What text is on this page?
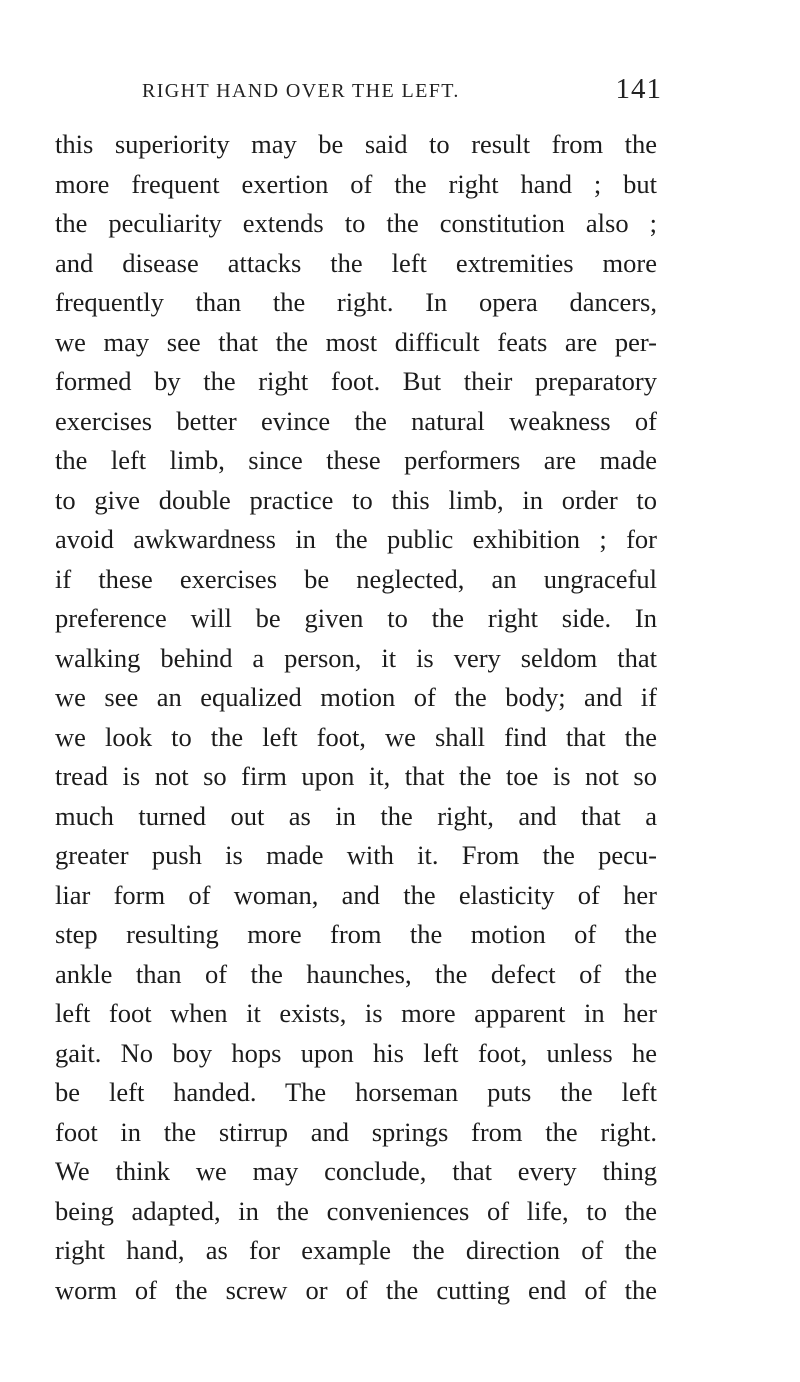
RIGHT HAND OVER THE LEFT.	141
this superiority may be said to result from the
more frequent exertion of the right hand ; but
the peculiarity extends to the constitution also ;
and disease attacks the left extremities more
frequently than the right. In opera dancers,
we may see that the most difficult feats are per-
formed by the right foot. But their preparatory
exercises better evince the natural weakness of
the left limb, since these performers are made
to give double practice to this limb, in order to
avoid awkwardness in the public exhibition ; for
if these exercises be neglected, an ungraceful
preference will be given to the right side. In
walking behind a person, it is very seldom that
we see an equalized motion of the body; and if
we look to the left foot, we shall find that the
tread is not so firm upon it, that the toe is not so
much turned out as in the right, and that a
greater push is made with it. From the pecu-
liar form of woman, and the elasticity of her
step resulting more from the motion of the
ankle than of the haunches, the defect of the
left foot when it exists, is more apparent in her
gait. No boy hops upon his left foot, unless he
be left handed. The horseman puts the left
foot in the stirrup and springs from the right.
We think we may conclude, that every thing
being adapted, in the conveniences of life, to the
right hand, as for example the direction of the
worm of the screw or of the cutting end of the
